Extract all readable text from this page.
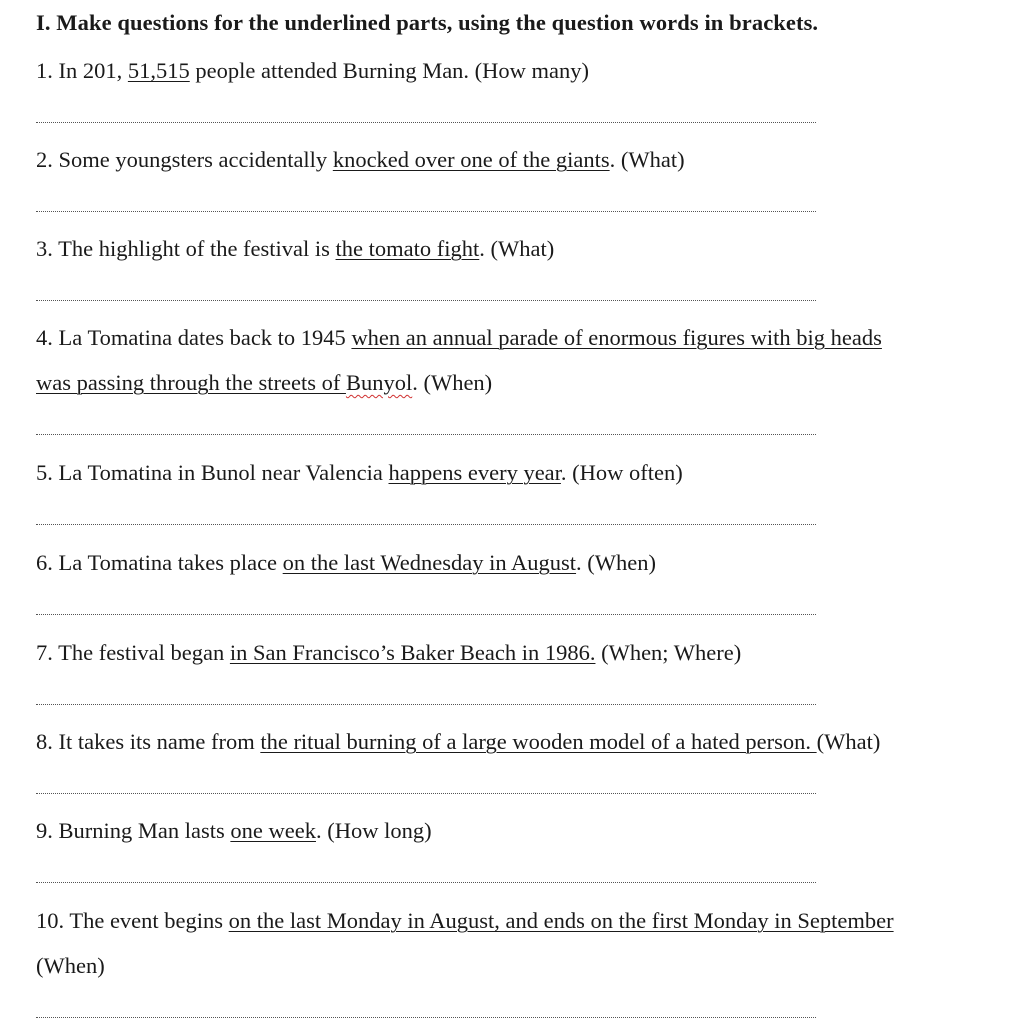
I. Make questions for the underlined parts, using the question words in brackets.
1. In 201, 51,515 people attended Burning Man. (How many)
2. Some youngsters accidentally knocked over one of the giants. (What)
3. The highlight of the festival is the tomato fight. (What)
4. La Tomatina dates back to 1945 when an annual parade of enormous figures with big heads
was passing through the streets of Bunyol. (When)
5. La Tomatina in Bunol near Valencia happens every year. (How often)
6. La Tomatina takes place on the last Wednesday in August. (When)
7. The festival began in San Francisco’s Baker Beach in 1986. (When; Where)
8. It takes its name from the ritual burning of a large wooden model of a hated person. (What)
9. Burning Man lasts one week. (How long)
10. The event begins on the last Monday in August, and ends on the first Monday in September
(When)
